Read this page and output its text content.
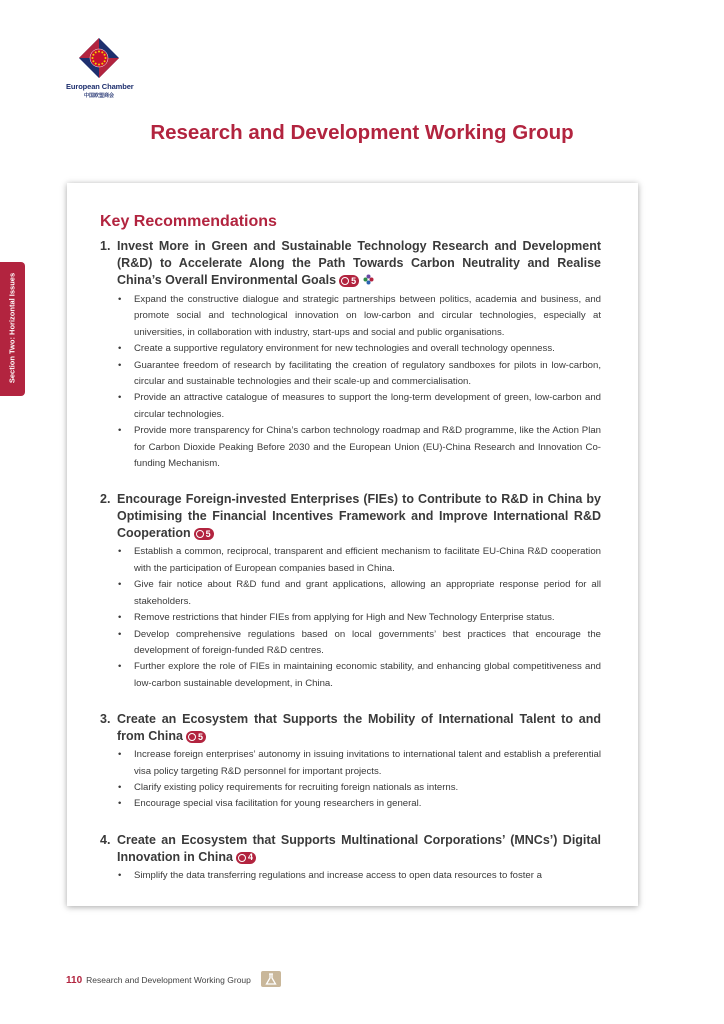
European Chamber
中国欧盟商会
Research and Development Working Group
Section Two: Horizontal Issues
Key Recommendations
1. Invest More in Green and Sustainable Technology Research and Development (R&D) to Accelerate Along the Path Towards Carbon Neutrality and Realise China’s Overall Environmental Goals 5
• Expand the constructive dialogue and strategic partnerships between politics, academia and business, and promote social and technological innovation on low-carbon and circular technologies, especially at universities, in collaboration with industry, start-ups and social and public organisations.
• Create a supportive regulatory environment for new technologies and overall technology openness.
• Guarantee freedom of research by facilitating the creation of regulatory sandboxes for pilots in low-carbon, circular and sustainable technologies and their scale-up and commercialisation.
• Provide an attractive catalogue of measures to support the long-term development of green, low-carbon and circular technologies.
• Provide more transparency for China’s carbon technology roadmap and R&D programme, like the Action Plan for Carbon Dioxide Peaking Before 2030 and the European Union (EU)-China Research and Innovation Co-funding Mechanism.
2. Encourage Foreign-invested Enterprises (FIEs) to Contribute to R&D in China by Optimising the Financial Incentives Framework and Improve International R&D Cooperation 5
• Establish a common, reciprocal, transparent and efficient mechanism to facilitate EU-China R&D cooperation with the participation of European companies based in China.
• Give fair notice about R&D fund and grant applications, allowing an appropriate response period for all stakeholders.
• Remove restrictions that hinder FIEs from applying for High and New Technology Enterprise status.
• Develop comprehensive regulations based on local governments’ best practices that encourage the development of foreign-funded R&D centres.
• Further explore the role of FIEs in maintaining economic stability, and enhancing global competitiveness and low-carbon sustainable development, in China.
3. Create an Ecosystem that Supports the Mobility of International Talent to and from China 5
• Increase foreign enterprises’ autonomy in issuing invitations to international talent and establish a preferential visa policy targeting R&D personnel for important projects.
• Clarify existing policy requirements for recruiting foreign nationals as interns.
• Encourage special visa facilitation for young researchers in general.
4. Create an Ecosystem that Supports Multinational Corporations’ (MNCs’) Digital Innovation in China 4
• Simplify the data transferring regulations and increase access to open data resources to foster a
110 Research and Development Working Group
